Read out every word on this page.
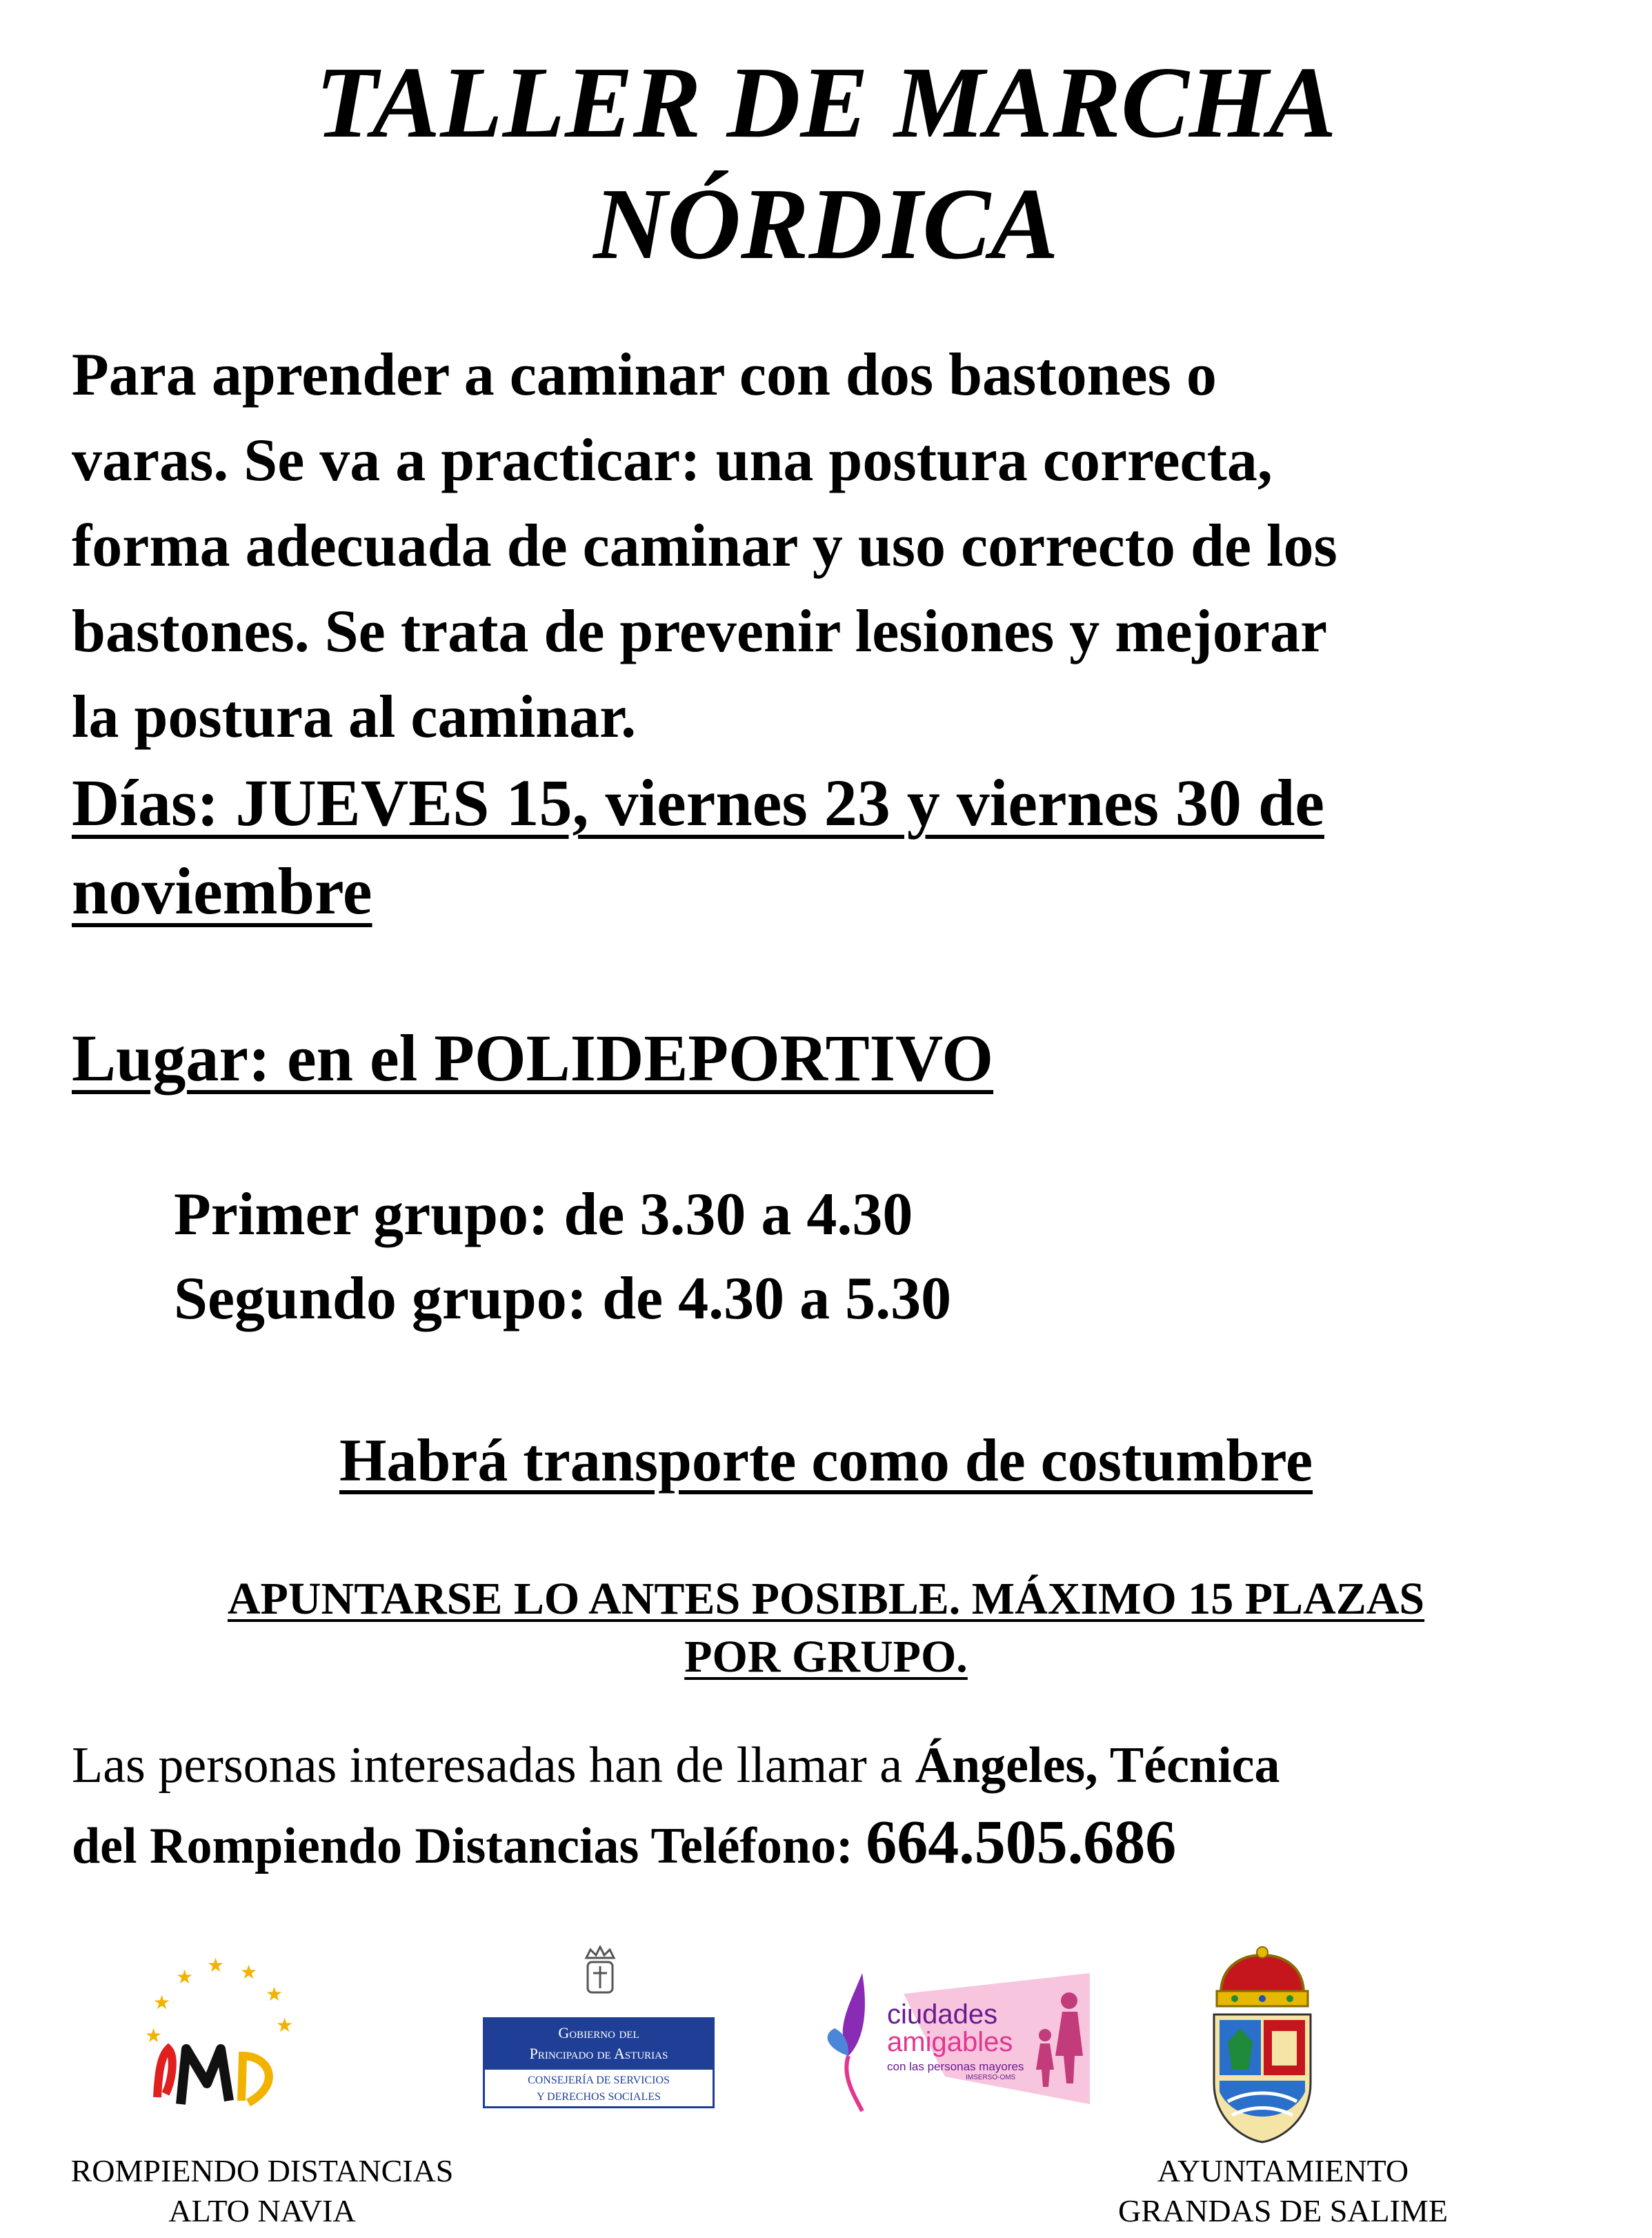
TALLER DE MARCHA
NÓRDICA
Para aprender a caminar con dos bastones o
varas. Se va a practicar: una postura correcta,
forma adecuada de caminar y uso correcto de los
bastones. Se trata de prevenir lesiones y mejorar
la postura al caminar.
Días: JUEVES 15, viernes 23 y viernes 30 de
noviembre
Lugar: en el POLIDEPORTIVO
Primer grupo: de 3.30 a 4.30
Segundo grupo: de 4.30 a 5.30
Habrá transporte como de costumbre
APUNTARSE LO ANTES POSIBLE. MÁXIMO 15 PLAZAS
POR GRUPO.
Las personas interesadas han de llamar a Ángeles, Técnica
del Rompiendo Distancias Teléfono: 664.505.686
★
★
★
★ ★
★
★
ROMPIENDO DISTANCIAS
ALTO NAVIA
Gobierno del
Principado de Asturias
CONSEJERÍA DE SERVICIOS
Y DERECHOS SOCIALES
ciudades
amigables
con las personas mayores
IMSERSO-OMS
AYUNTAMIENTO
GRANDAS DE SALIME
